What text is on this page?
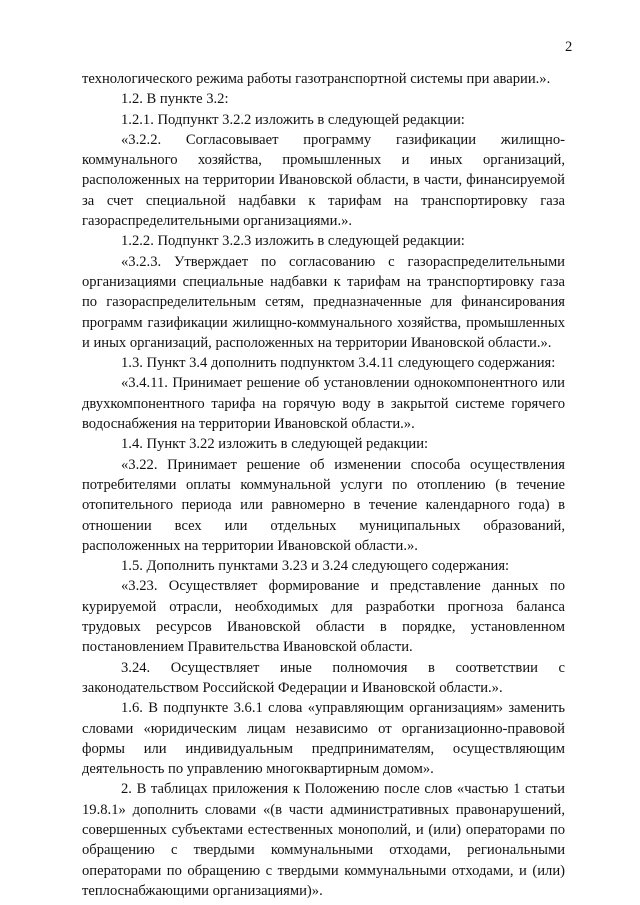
2

технологического режима работы газотранспортной системы при аварии.».

1.2. В пункте 3.2:

1.2.1. Подпункт 3.2.2 изложить в следующей редакции:

«3.2.2. Согласовывает программу газификации жилищно-коммунального хозяйства, промышленных и иных организаций, расположенных на территории Ивановской области, в части, финансируемой за счет специальной надбавки к тарифам на транспортировку газа газораспределительными организациями.».

1.2.2. Подпункт 3.2.3 изложить в следующей редакции:

«3.2.3. Утверждает по согласованию с газораспределительными организациями специальные надбавки к тарифам на транспортировку газа по газораспределительным сетям, предназначенные для финансирования программ газификации жилищно-коммунального хозяйства, промышленных и иных организаций, расположенных на территории Ивановской области.».

1.3. Пункт 3.4 дополнить подпунктом 3.4.11 следующего содержания:

«3.4.11. Принимает решение об установлении однокомпонентного или двухкомпонентного тарифа на горячую воду в закрытой системе горячего водоснабжения на территории Ивановской области.».

1.4. Пункт 3.22 изложить в следующей редакции:

«3.22. Принимает решение об изменении способа осуществления потребителями оплаты коммунальной услуги по отоплению (в течение отопительного периода или равномерно в течение календарного года) в отношении всех или отдельных муниципальных образований, расположенных на территории Ивановской области.».

1.5. Дополнить пунктами 3.23 и 3.24 следующего содержания:

«3.23. Осуществляет формирование и представление данных по курируемой отрасли, необходимых для разработки прогноза баланса трудовых ресурсов Ивановской области в порядке, установленном постановлением Правительства Ивановской области.

3.24. Осуществляет иные полномочия в соответствии с законодательством Российской Федерации и Ивановской области.».

1.6. В подпункте 3.6.1 слова «управляющим организациям» заменить словами «юридическим лицам независимо от организационно-правовой формы или индивидуальным предпринимателям, осуществляющим деятельность по управлению многоквартирным домом».

2. В таблицах приложения к Положению после слов «частью 1 статьи 19.8.1» дополнить словами «(в части административных правонарушений, совершенных субъектами естественных монополий, и (или) операторами по обращению с твердыми коммунальными отходами, региональными операторами по обращению с твердыми коммунальными отходами, и (или) теплоснабжающими организациями)».
